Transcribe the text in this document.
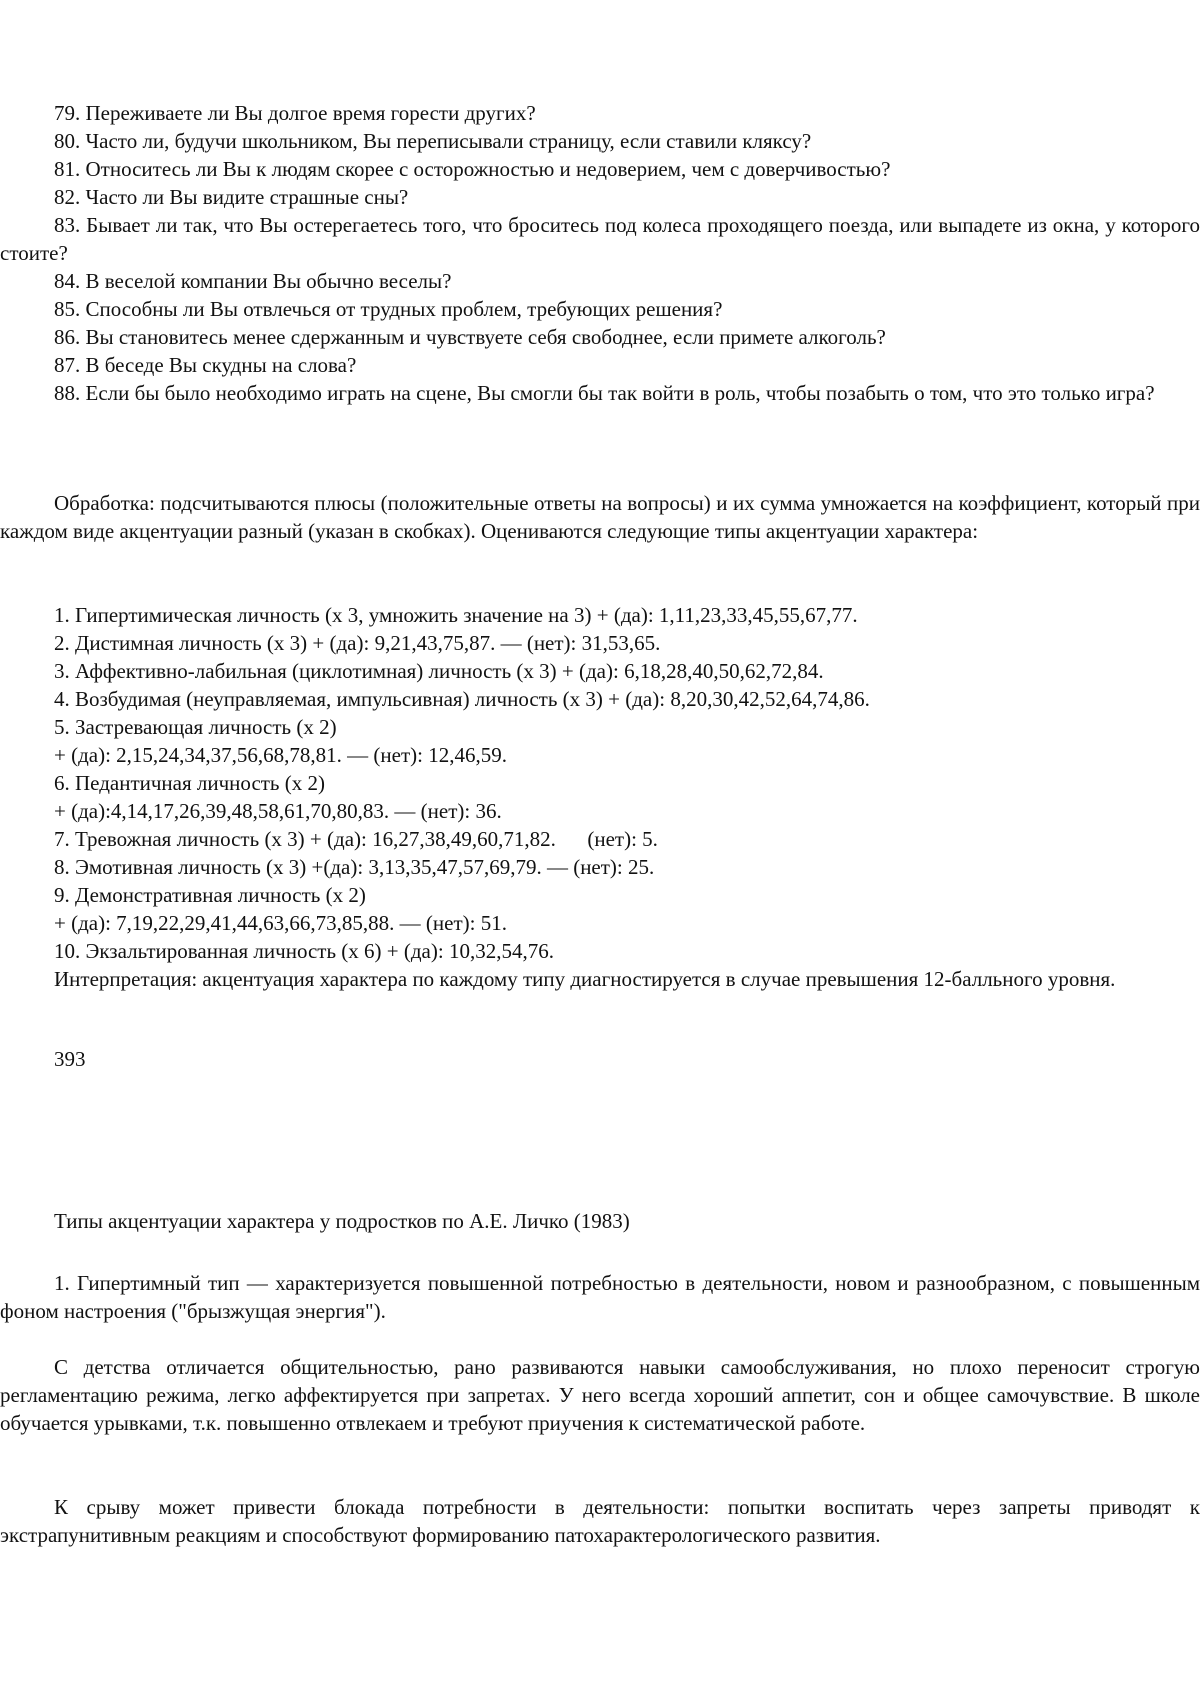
79. Переживаете ли Вы долгое время горести других?

80. Часто ли, будучи школьником, Вы переписывали страницу, если ставили кляксу?

81. Относитесь ли Вы к людям скорее с осторожностью и недоверием, чем с доверчивостью?

82. Часто ли Вы видите страшные сны?

83. Бывает ли так, что Вы остерегаетесь того, что броситесь под колеса проходящего поезда, или выпадете из окна, у которого стоите?

84. В веселой компании Вы обычно веселы?

85. Способны ли Вы отвлечься от трудных проблем, требующих решения?

86. Вы становитесь менее сдержанным и чувствуете себя свободнее, если примете алкоголь?

87. В беседе Вы скудны на слова?

88. Если бы было необходимо играть на сцене, Вы смогли бы так войти в роль, чтобы позабыть о том, что это только игра?

Обработка: подсчитываются плюсы (положительные ответы на вопросы) и их сумма умножается на коэффициент, который при каждом виде акцентуации разный (указан в скобках). Оцениваются следующие типы акцентуации характера:

1. Гипертимическая личность (х 3, умножить значение на 3) + (да): 1,11,23,33,45,55,67,77.

2. Дистимная личность (х 3) + (да): 9,21,43,75,87. — (нет): 31,53,65.

3. Аффективно-лабильная (циклотимная) личность (х 3) + (да): 6,18,28,40,50,62,72,84.

4. Возбудимая (неуправляемая, импульсивная) личность (х 3) + (да): 8,20,30,42,52,64,74,86.

5. Застревающая личность (х 2)

+ (да): 2,15,24,34,37,56,68,78,81. — (нет): 12,46,59.

6. Педантичная личность (х 2)

+ (да):4,14,17,26,39,48,58,61,70,80,83. — (нет): 36.

7. Тревожная личность (х 3) + (да): 16,27,38,49,60,71,82.      (нет): 5.

8. Эмотивная личность (х 3) +(да): 3,13,35,47,57,69,79. — (нет): 25.

9. Демонстративная личность (х 2)

+ (да): 7,19,22,29,41,44,63,66,73,85,88. — (нет): 51.

10. Экзальтированная личность (х 6) + (да): 10,32,54,76.

Интерпретация: акцентуация характера по каждому типу диагностируется в случае превышения 12-балльного уровня.

393
Типы акцентуации характера у подростков по А.Е. Личко (1983)

1. Гипертимный тип — характеризуется повышенной потребностью в деятельности, новом и разнообразном, с повышенным фоном настроения ("брызжущая энергия").

С детства отличается общительностью, рано развиваются навыки самообслуживания, но плохо переносит строгую регламентацию режима, легко аффектируется при запретах. У него всегда хороший аппетит, сон и общее самочувствие. В школе обучается урывками, т.к. повышенно отвлекаем и требуют приучения к систематической работе.

К срыву может привести блокада потребности в деятельности: попытки воспитать через запреты приводят к экстрапунитивным реакциям и способствуют формированию патохарактерологического развития.
